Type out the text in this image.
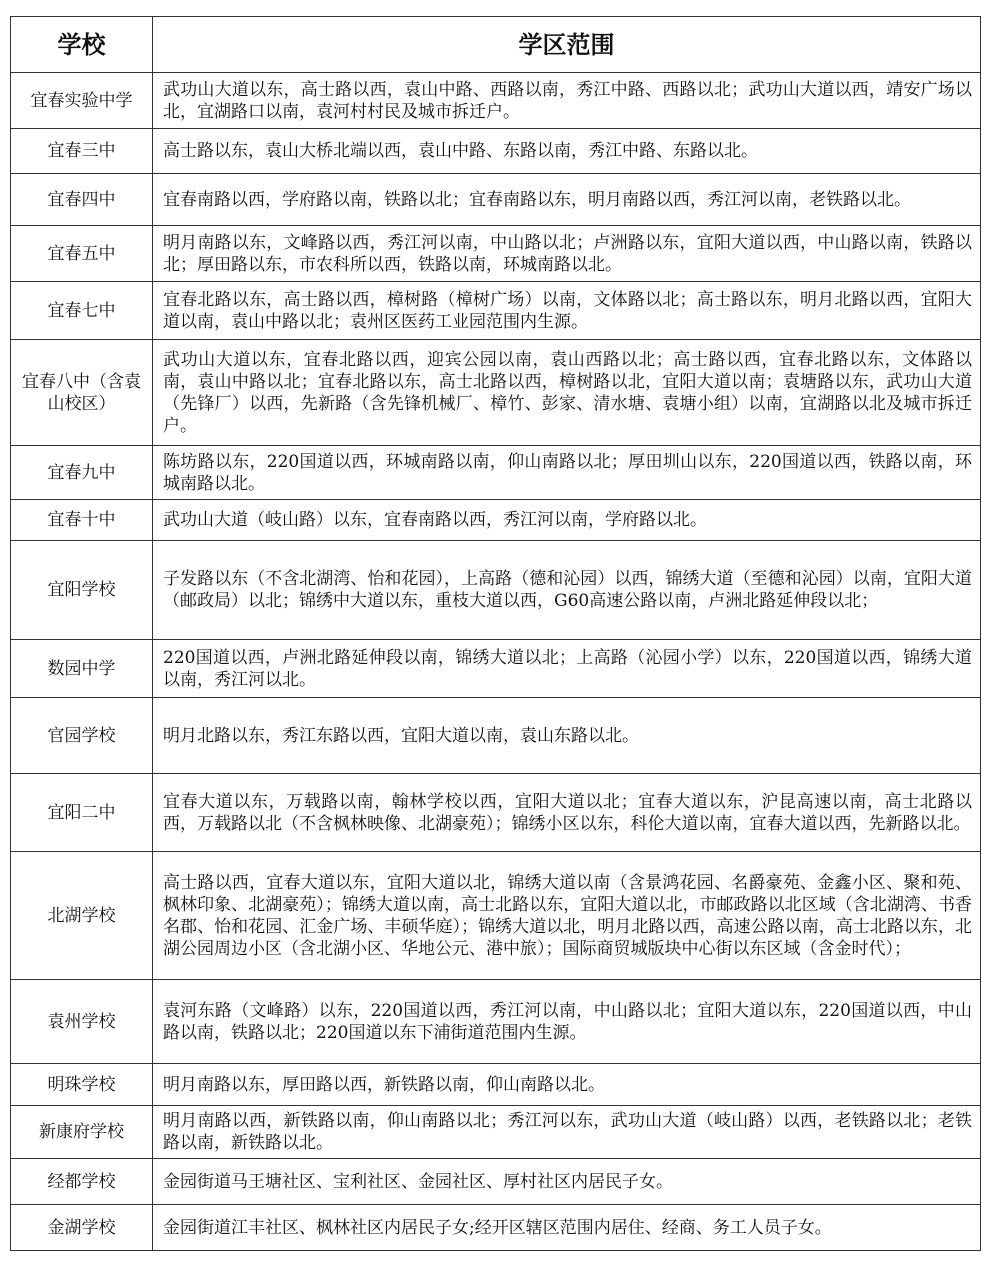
学校	学区范围
宜春实验中学	武功山大道以东，高士路以西，袁山中路、西路以南，秀江中路、西路以北；武功山大道以西，靖安广场以北，宜湖路口以南，袁河村村民及城市拆迁户。
宜春三中	高士路以东，袁山大桥北端以西，袁山中路、东路以南，秀江中路、东路以北。
宜春四中	宜春南路以西，学府路以南，铁路以北；宜春南路以东，明月南路以西，秀江河以南，老铁路以北。
宜春五中	明月南路以东，文峰路以西，秀江河以南，中山路以北；卢洲路以东，宜阳大道以西，中山路以南，铁路以北；厚田路以东，市农科所以西，铁路以南，环城南路以北。
宜春七中	宜春北路以东，高士路以西，樟树路（樟树广场）以南，文体路以北；高士路以东，明月北路以西，宜阳大道以南，袁山中路以北；袁州区医药工业园范围内生源。
宜春八中（含袁山校区）	武功山大道以东，宜春北路以西，迎宾公园以南，袁山西路以北；高士路以西，宜春北路以东，文体路以南，袁山中路以北；宜春北路以东，高士北路以西，樟树路以北，宜阳大道以南；袁塘路以东，武功山大道（先锋厂）以西，先新路（含先锋机械厂、樟竹、彭家、清水塘、袁塘小组）以南，宜湖路以北及城市拆迁户。
宜春九中	陈坊路以东，220国道以西，环城南路以南，仰山南路以北；厚田圳山以东，220国道以西，铁路以南，环城南路以北。
宜春十中	武功山大道（岐山路）以东，宜春南路以西，秀江河以南，学府路以北。
宜阳学校	子发路以东（不含北湖湾、怡和花园），上高路（德和沁园）以西，锦绣大道（至德和沁园）以南，宜阳大道（邮政局）以北；锦绣中大道以东，重枝大道以西，G60高速公路以南，卢洲北路延伸段以北；
数园中学	220国道以西，卢洲北路延伸段以南，锦绣大道以北；上高路（沁园小学）以东，220国道以西，锦绣大道以南，秀江河以北。
官园学校	明月北路以东，秀江东路以西，宜阳大道以南，袁山东路以北。
宜阳二中	宜春大道以东，万载路以南，翰林学校以西，宜阳大道以北；宜春大道以东，沪昆高速以南，高士北路以西，万载路以北（不含枫林映像、北湖豪苑）；锦绣小区以东，科伦大道以南，宜春大道以西，先新路以北。
北湖学校	高士路以西，宜春大道以东，宜阳大道以北，锦绣大道以南（含景鸿花园、名爵豪苑、金鑫小区、聚和苑、枫林印象、北湖豪苑）；锦绣大道以南，高士北路以东，宜阳大道以北，市邮政路以北区域（含北湖湾、书香名郡、怡和花园、汇金广场、丰硕华庭）；锦绣大道以北，明月北路以西，高速公路以南，高士北路以东，北湖公园周边小区（含北湖小区、华地公元、港中旅）；国际商贸城版块中心街以东区域（含金时代）；
袁州学校	袁河东路（文峰路）以东，220国道以西，秀江河以南，中山路以北；宜阳大道以东，220国道以西，中山路以南，铁路以北；220国道以东下浦街道范围内生源。
明珠学校	明月南路以东，厚田路以西，新铁路以南，仰山南路以北。
新康府学校	明月南路以西，新铁路以南，仰山南路以北；秀江河以东，武功山大道（岐山路）以西，老铁路以北；老铁路以南，新铁路以北。
经都学校	金园街道马王塘社区、宝利社区、金园社区、厚村社区内居民子女。
金湖学校	金园街道江丰社区、枫林社区内居民子女;经开区辖区范围内居住、经商、务工人员子女。
